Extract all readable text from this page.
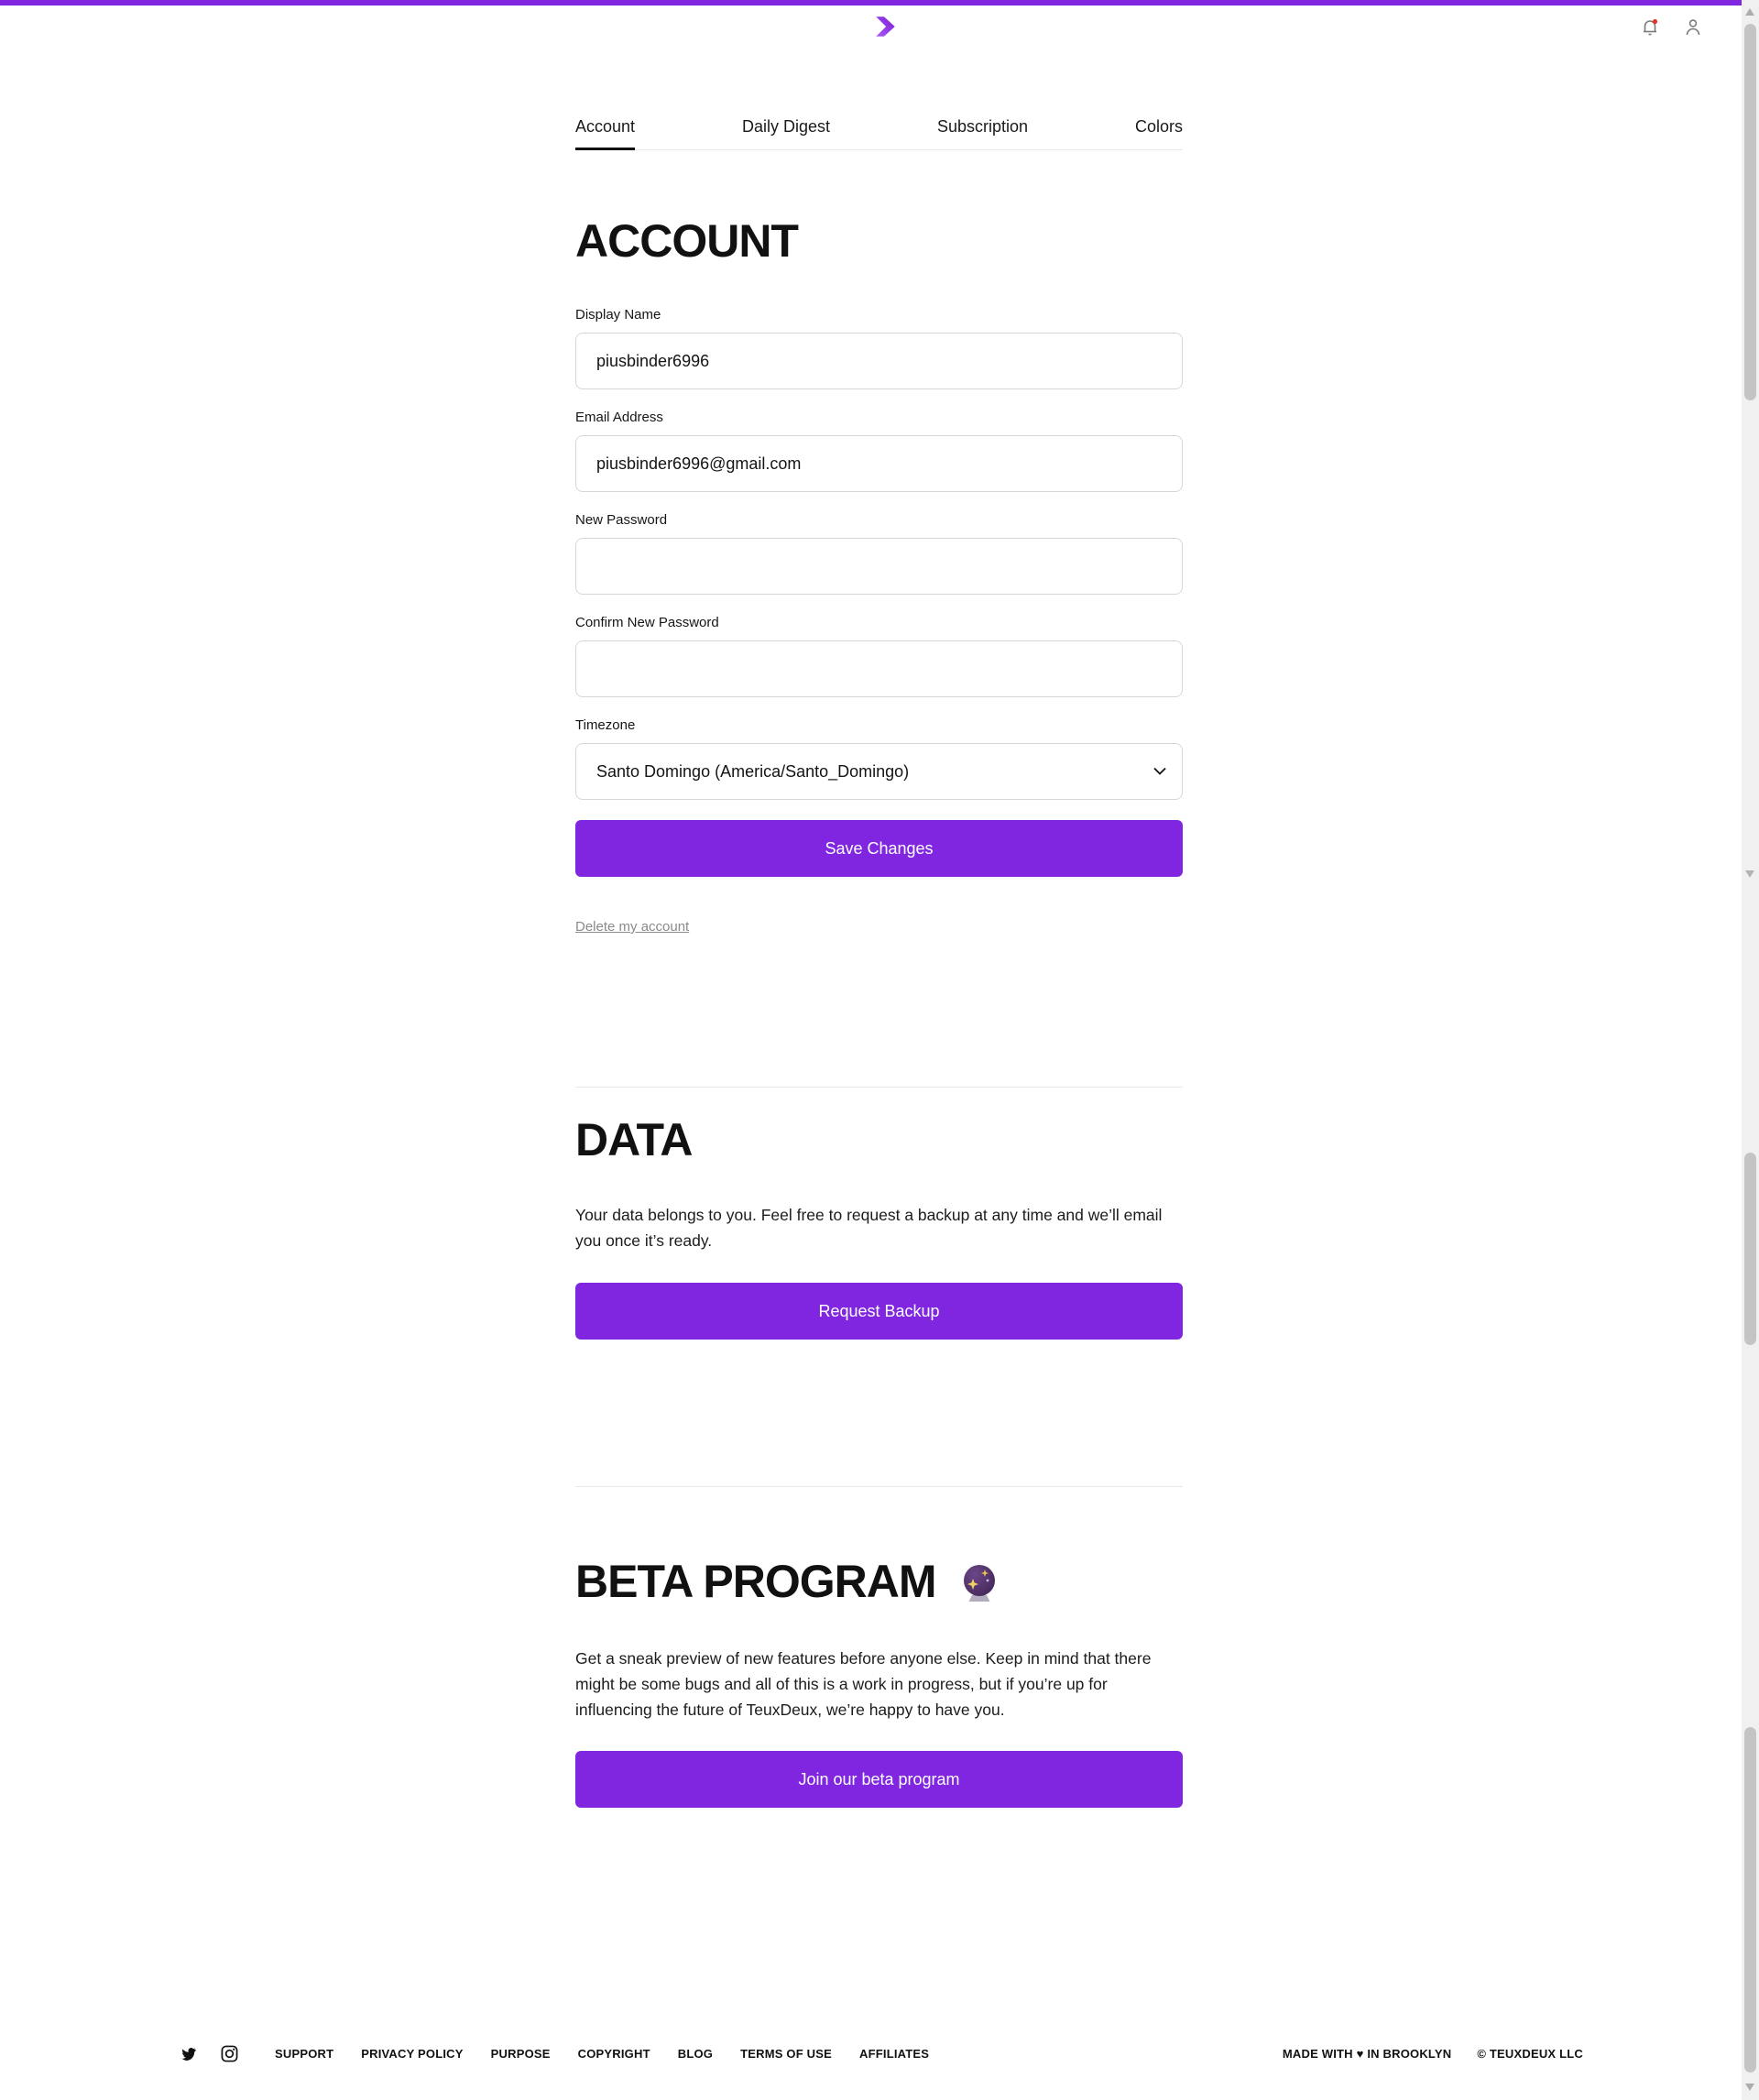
Account	Daily Digest	Subscription	Colors
ACCOUNT
Display Name
piusbinder6996
Email Address
piusbinder6996@gmail.com
New Password
Confirm New Password
Timezone
Santo Domingo (America/Santo_Domingo)
Save Changes
Delete my account
DATA

Your data belongs to you. Feel free to request a backup at any time and we’ll email you once it’s ready.

Request Backup
BETA PROGRAM

Get a sneak preview of new features before anyone else. Keep in mind that there might be some bugs and all of this is a work in progress, but if you’re up for influencing the future of TeuxDeux, we’re happy to have you.

Join our beta program
SUPPORT PRIVACY POLICY PURPOSE COPYRIGHT BLOG TERMS OF USE AFFILIATES	MADE WITH ♥ IN BROOKLYN © TEUXDEUX LLC
